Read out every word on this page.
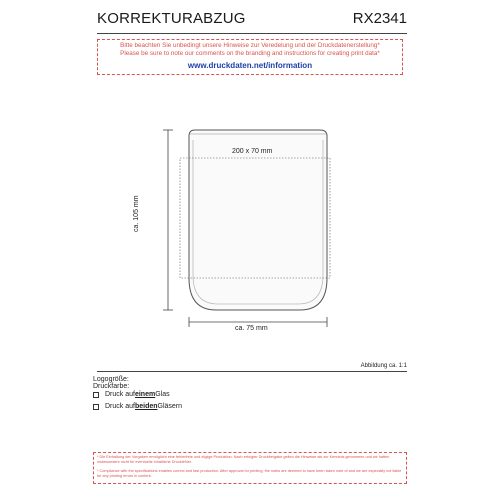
KORREKTURABZUG	RX2341
Bitte beachten Sie unbedingt unsere Hinweise zur Veredelung und der Druckdatenerstellung*
Please be sure to note our comments on the branding and instructions for creating print data*
www.druckdaten.net/information
200 x 70 mm
ca. 105 mm
ca. 75 mm
Abbildung ca. 1:1
Logogröße:
Druckfarbe:
Druck auf einem Glas
Druck auf beiden Gläsern
* Die Einhaltung der Vorgaben ermöglicht eine fehlerfreie und zügige Produktion. Nach erfolgter Druckfreigabe gelten die Hinweise als zur Kenntnis genommen und wir haften insbesondere nicht für eventuelle inhaltliche Druckfehler.
* Compliance with the specifications enables correct and fast production. After approval for printing, the notes are deemed to have been taken note of and we are especially not liable for any printing errors in content.
